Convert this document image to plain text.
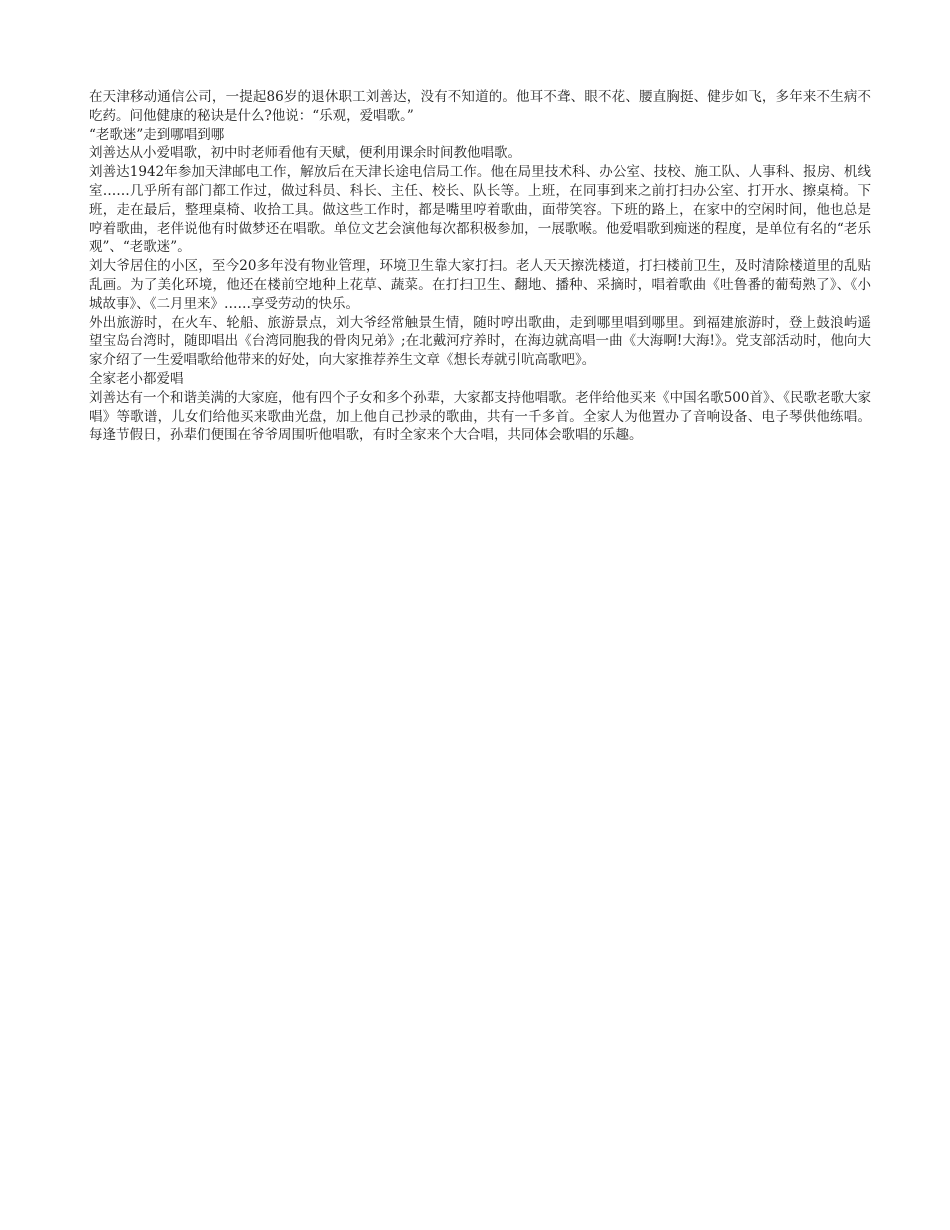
在天津移动通信公司，一提起86岁的退休职工刘善达，没有不知道的。他耳不聋、眼不花、腰直胸挺、健步如飞，多年来不生病不吃药。问他健康的秘诀是什么?他说：“乐观，爱唱歌。”

“老歌迷”走到哪唱到哪

刘善达从小爱唱歌，初中时老师看他有天赋，便利用课余时间教他唱歌。

刘善达1942年参加天津邮电工作，解放后在天津长途电信局工作。他在局里技术科、办公室、技校、施工队、人事科、报房、机线室……几乎所有部门都工作过，做过科员、科长、主任、校长、队长等。上班，在同事到来之前打扫办公室、打开水、擦桌椅。下班，走在最后，整理桌椅、收拾工具。做这些工作时，都是嘴里哼着歌曲，面带笑容。下班的路上，在家中的空闲时间，他也总是哼着歌曲，老伴说他有时做梦还在唱歌。单位文艺会演他每次都积极参加，一展歌喉。他爱唱歌到痴迷的程度，是单位有名的“老乐观”、“老歌迷”。

刘大爷居住的小区，至今20多年没有物业管理，环境卫生靠大家打扫。老人天天擦洗楼道，打扫楼前卫生，及时清除楼道里的乱贴乱画。为了美化环境，他还在楼前空地种上花草、蔬菜。在打扫卫生、翻地、播种、采摘时，唱着歌曲《吐鲁番的葡萄熟了》、《小城故事》、《二月里来》……享受劳动的快乐。

外出旅游时，在火车、轮船、旅游景点，刘大爷经常触景生情，随时哼出歌曲，走到哪里唱到哪里。到福建旅游时，登上鼓浪屿遥望宝岛台湾时，随即唱出《台湾同胞我的骨肉兄弟》;在北戴河疗养时，在海边就高唱一曲《大海啊!大海!》。党支部活动时，他向大家介绍了一生爱唱歌给他带来的好处，向大家推荐养生文章《想长寿就引吭高歌吧》。

全家老小都爱唱

刘善达有一个和谐美满的大家庭，他有四个子女和多个孙辈，大家都支持他唱歌。老伴给他买来《中国名歌500首》、《民歌老歌大家唱》等歌谱，儿女们给他买来歌曲光盘，加上他自己抄录的歌曲，共有一千多首。全家人为他置办了音响设备、电子琴供他练唱。每逢节假日，孙辈们便围在爷爷周围听他唱歌，有时全家来个大合唱，共同体会歌唱的乐趣。
